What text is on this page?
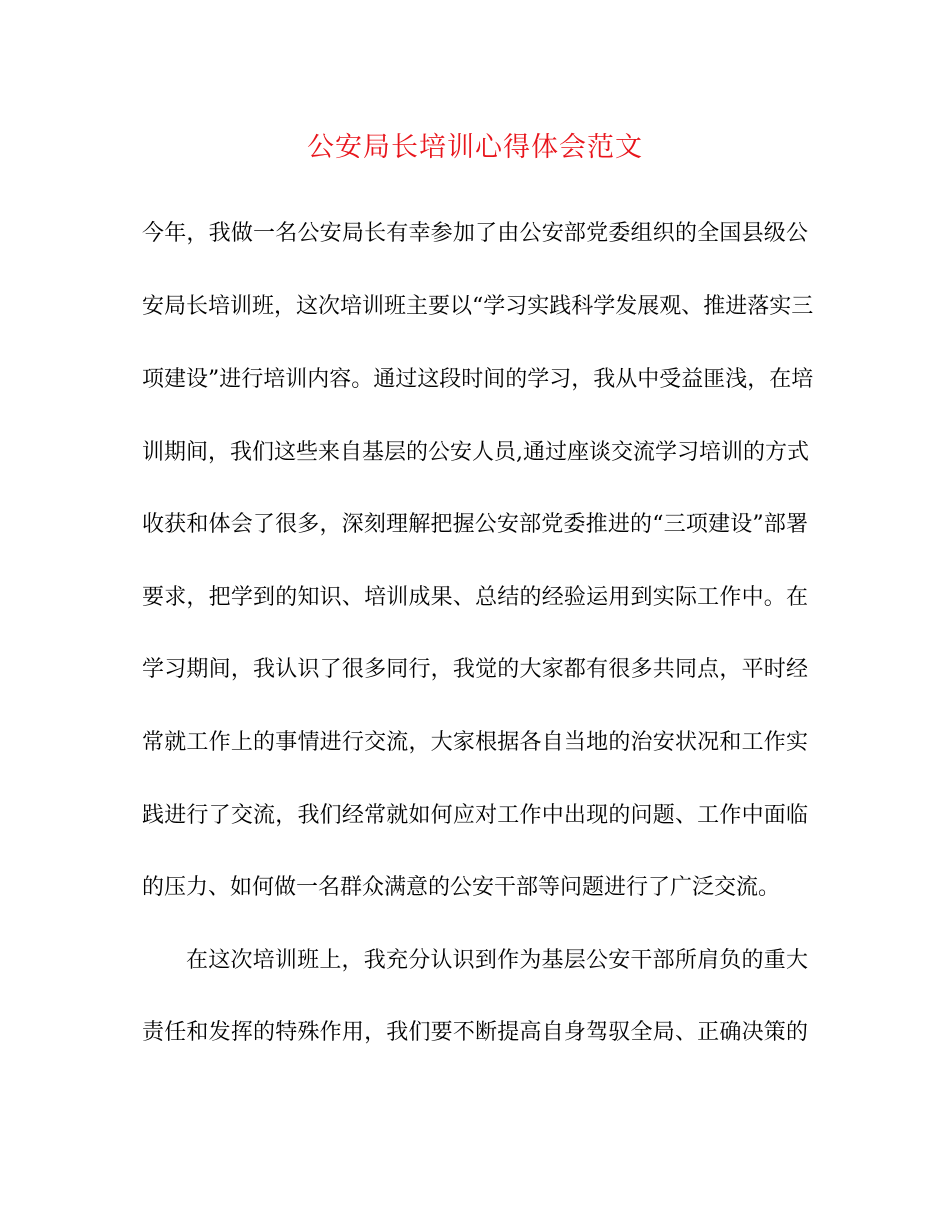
公安局长培训心得体会范文

今年，我做一名公安局长有幸参加了由公安部党委组织的全国县级公

安局长培训班，这次培训班主要以“学习实践科学发展观、推进落实三

项建设”进行培训内容。通过这段时间的学习，我从中受益匪浅，在培

训期间，我们这些来自基层的公安人员,通过座谈交流学习培训的方式

收获和体会了很多，深刻理解把握公安部党委推进的“三项建设”部署

要求，把学到的知识、培训成果、总结的经验运用到实际工作中。在

学习期间，我认识了很多同行，我觉的大家都有很多共同点，平时经

常就工作上的事情进行交流，大家根据各自当地的治安状况和工作实

践进行了交流，我们经常就如何应对工作中出现的问题、工作中面临

的压力、如何做一名群众满意的公安干部等问题进行了广泛交流。

在这次培训班上，我充分认识到作为基层公安干部所肩负的重大

责任和发挥的特殊作用，我们要不断提高自身驾驭全局、正确决策的
